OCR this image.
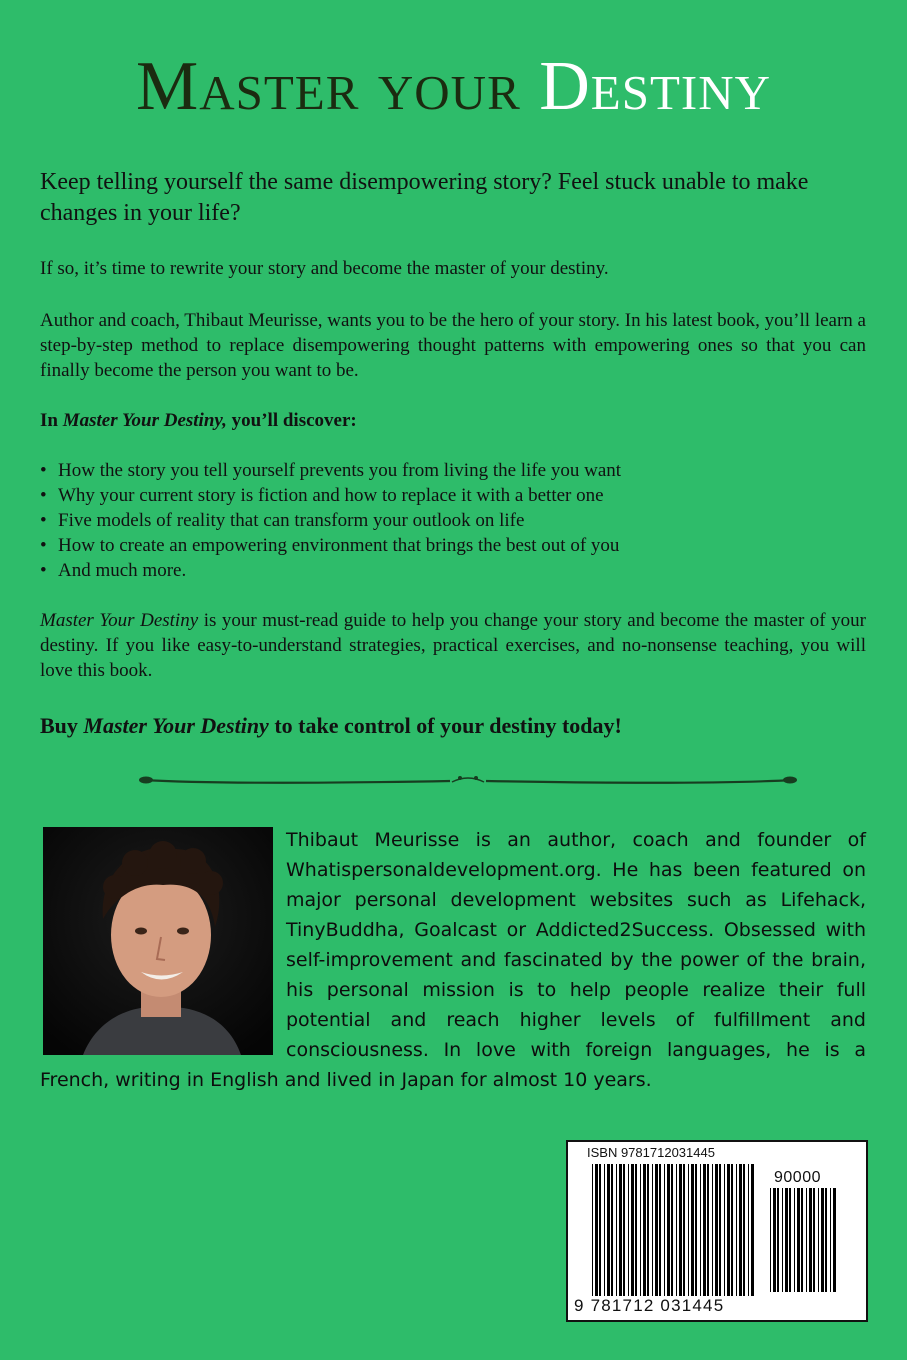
Master your Destiny
Keep telling yourself the same disempowering story? Feel stuck unable to make changes in your life?
If so, it’s time to rewrite your story and become the master of your destiny.
Author and coach, Thibaut Meurisse, wants you to be the hero of your story. In his latest book, you’ll learn a step-by-step method to replace disempowering thought patterns with empowering ones so that you can finally become the person you want to be.
In Master Your Destiny, you’ll discover:
• How the story you tell yourself prevents you from living the life you want
• Why your current story is fiction and how to replace it with a better one
• Five models of reality that can transform your outlook on life
• How to create an empowering environment that brings the best out of you
• And much more.
Master Your Destiny is your must-read guide to help you change your story and become the master of your destiny. If you like easy-to-understand strategies, practical exercises, and no-nonsense teaching, you will love this book.
Buy Master Your Destiny to take control of your destiny today!
Thibaut Meurisse is an author, coach and founder of Whatispersonaldevelopment.org. He has been featured on major personal development websites such as Lifehack, TinyBuddha, Goalcast or Addicted2Success. Obsessed with self-improvement and fascinated by the power of the brain, his personal mission is to help people realize their full potential and reach higher levels of fulfillment and consciousness. In love with foreign languages, he is a French, writing in English and lived in Japan for almost 10 years.
ISBN 9781712031445
90000
9 781712 031445
